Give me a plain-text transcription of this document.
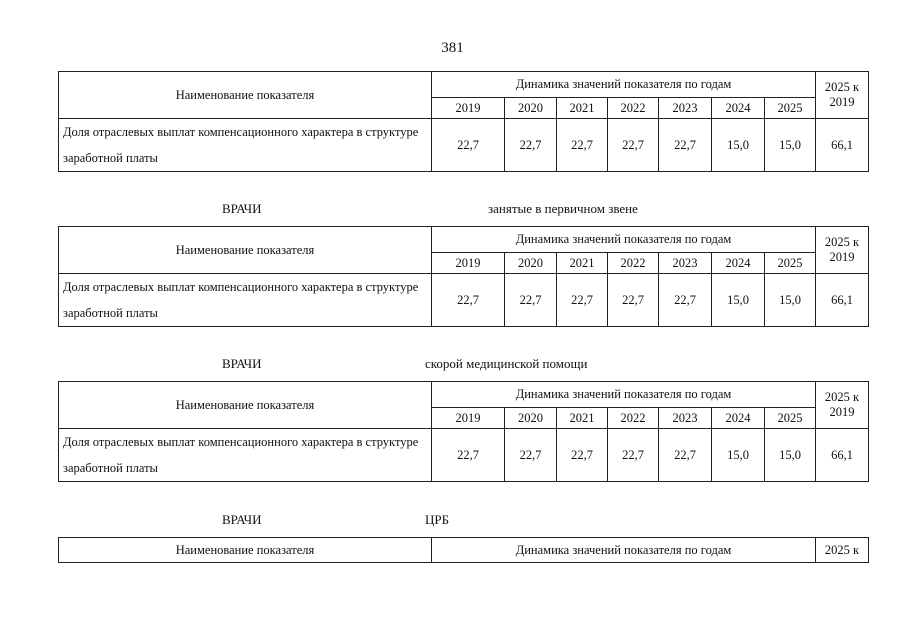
381
Наименование показателя	Динамика значений показателя по годам							2025 к
2019

	2019	2020	2021	2022	2023	2024	2025	

Доля отраслевых выплат компенсационного характера в структуре
заработной платы	22,7	22,7	22,7	22,7	22,7	15,0	15,0	66,1
ВРАЧИ	занятые в первичном звене
Наименование показателя	Динамика значений показателя по годам							2025 к
2019

	2019	2020	2021	2022	2023	2024	2025	

Доля отраслевых выплат компенсационного характера в структуре
заработной платы	22,7	22,7	22,7	22,7	22,7	15,0	15,0	66,1
ВРАЧИ	скорой медицинской помощи
Наименование показателя	Динамика значений показателя по годам							2025 к
2019

	2019	2020	2021	2022	2023	2024	2025	

Доля отраслевых выплат компенсационного характера в структуре
заработной платы	22,7	22,7	22,7	22,7	22,7	15,0	15,0	66,1
ВРАЧИ	ЦРБ
Наименование показателя	Динамика значений показателя по годам	2025 к
